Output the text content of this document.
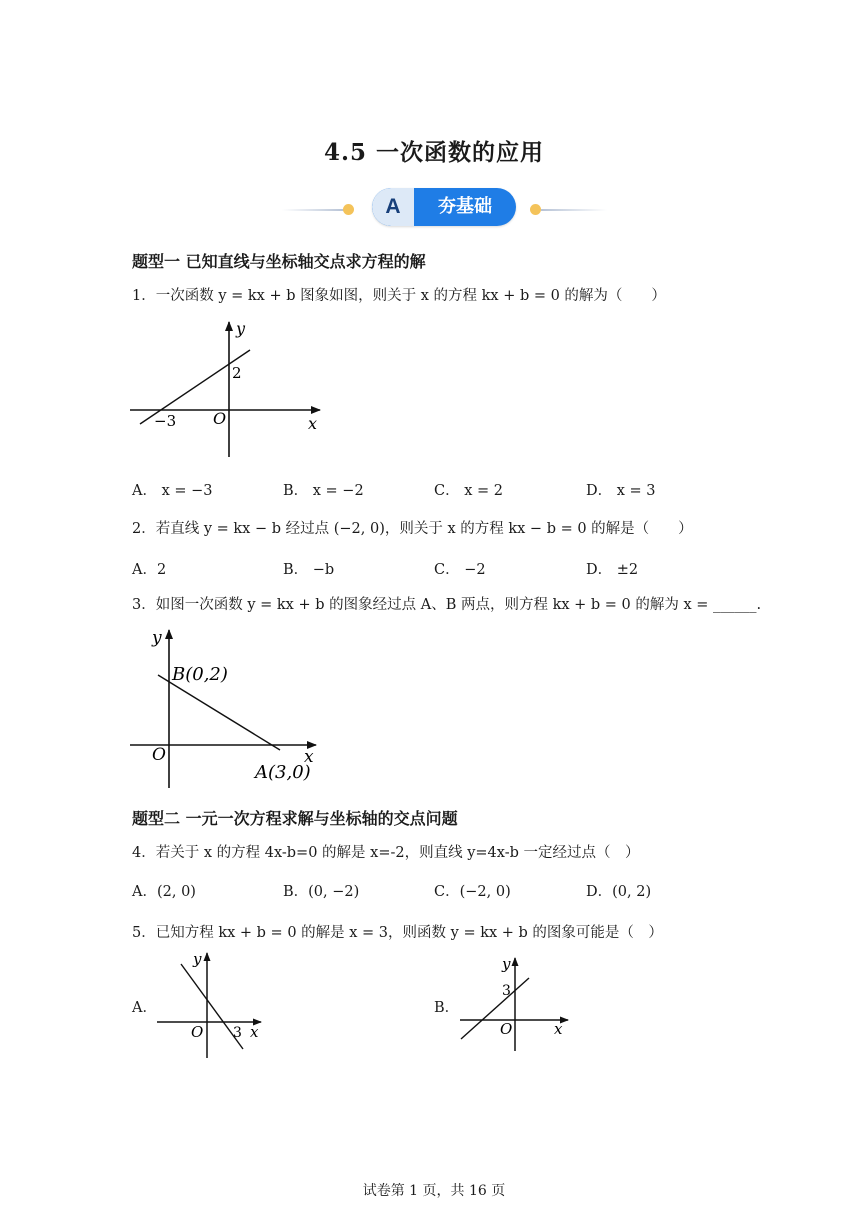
4.5 一次函数的应用
A	夯基础
题型一 已知直线与坐标轴交点求方程的解
1．一次函数 y = kx + b 图象如图，则关于 x 的方程 kx + b = 0 的解为（　　）
y
x
O
2
−3
A． x = −3	B． x = −2	C． x = 2	D． x = 3
2．若直线 y = kx − b 经过点 (−2, 0)，则关于 x 的方程 kx − b = 0 的解是（　　）
A．2	B． −b	C． −2	D． ±2
3．如图一次函数 y = kx + b 的图象经过点 A、B 两点，则方程 kx + b = 0 的解为 x = ______.
y
x
O
B(0,2)
A(3,0)
题型二 一元一次方程求解与坐标轴的交点问题
4．若关于 x 的方程 4x-b=0 的解是 x=-2，则直线 y=4x-b 一定经过点（　）
A．(2, 0)	B．(0, −2)	C．(−2, 0)	D．(0, 2)
5．已知方程 kx + b = 0 的解是 x = 3，则函数 y = kx + b 的图象可能是（　）
A．
y
x
O 3
B．
y
x
O
3
试卷第 1 页，共 16 页
